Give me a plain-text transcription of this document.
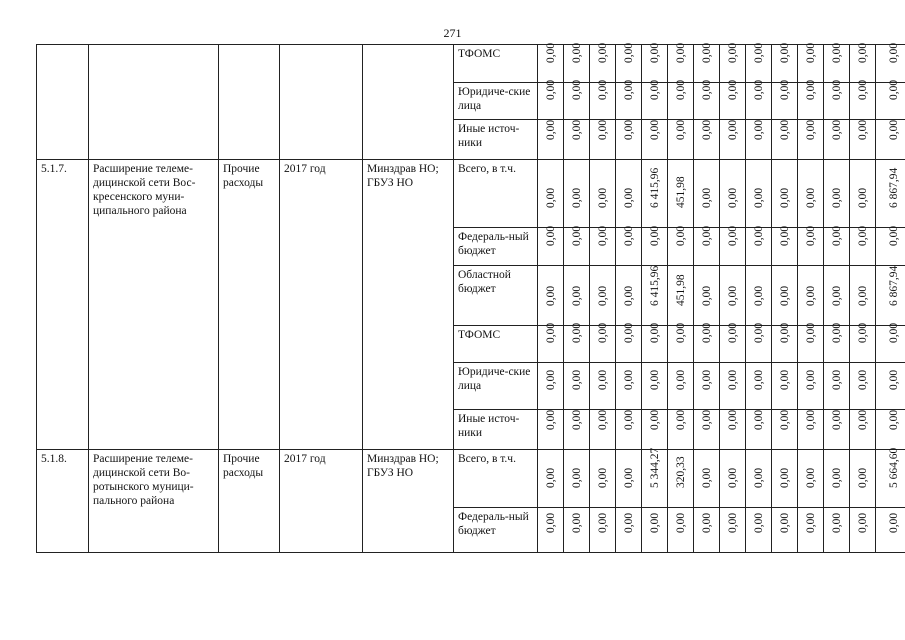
271
					ТФОМС	0,00	0,00	0,00	0,00	0,00	0,00	0,00	0,00	0,00	0,00	0,00	0,00	0,00	0,00

					Юридиче-ские лица	0,00	0,00	0,00	0,00	0,00	0,00	0,00	0,00	0,00	0,00	0,00	0,00	0,00	0,00

					Иные источ-ники	0,00	0,00	0,00	0,00	0,00	0,00	0,00	0,00	0,00	0,00	0,00	0,00	0,00	0,00

5.1.7.	Расширение телеме-дицинской сети Вос-кресенского муни-ципального района	Прочие расходы	2017 год	Минздрав НО; ГБУЗ НО	Всего, в т.ч.	0,00	0,00	0,00	0,00	6 415,96	451,98	0,00	0,00	0,00	0,00	0,00	0,00	0,00	6 867,94

					Федераль-ный бюджет	0,00	0,00	0,00	0,00	0,00	0,00	0,00	0,00	0,00	0,00	0,00	0,00	0,00	0,00

					Областной бюджет	0,00	0,00	0,00	0,00	6 415,96	451,98	0,00	0,00	0,00	0,00	0,00	0,00	0,00	6 867,94

					ТФОМС	0,00	0,00	0,00	0,00	0,00	0,00	0,00	0,00	0,00	0,00	0,00	0,00	0,00	0,00

					Юридиче-ские лица	0,00	0,00	0,00	0,00	0,00	0,00	0,00	0,00	0,00	0,00	0,00	0,00	0,00	0,00

					Иные источ-ники	0,00	0,00	0,00	0,00	0,00	0,00	0,00	0,00	0,00	0,00	0,00	0,00	0,00	0,00

5.1.8.	Расширение телеме-дицинской сети Во-ротынского муници-пального района	Прочие расходы	2017 год	Минздрав НО; ГБУЗ НО	Всего, в т.ч.	0,00	0,00	0,00	0,00	5 344,27	320,33	0,00	0,00	0,00	0,00	0,00	0,00	0,00	5 664,60

					Федераль-ный бюджет	0,00	0,00	0,00	0,00	0,00	0,00	0,00	0,00	0,00	0,00	0,00	0,00	0,00	0,00
